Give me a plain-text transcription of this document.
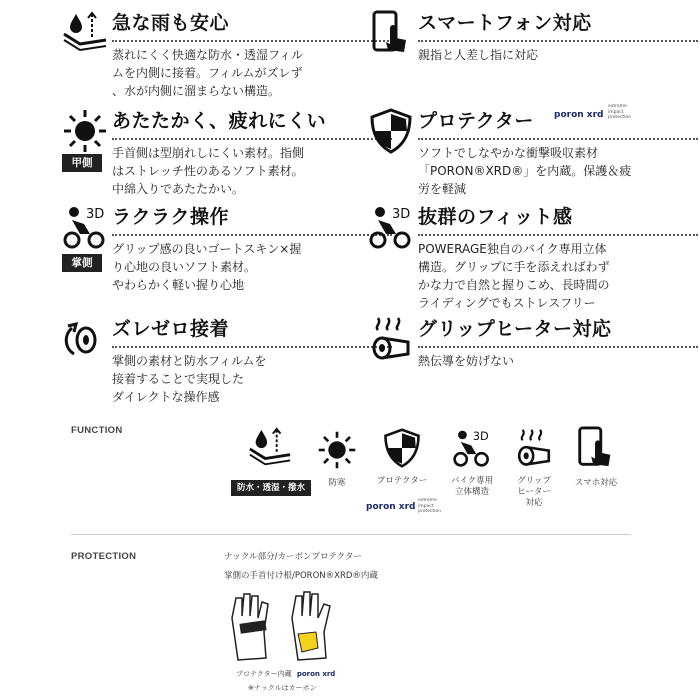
急な雨も安心
蒸れにくく快適な防水・透湿フィル
ムを内側に接着。フィルムがズレず
、水が内側に溜まらない構造。
スマートフォン対応
親指と人差し指に対応
甲側
あたたかく、疲れにくい
手首側は型崩れしにくい素材。指側
はストレッチ性のあるソフト素材。
中綿入りであたたかい。
プロテクター poron xrd
extreme
impact
protection
ソフトでしなやかな衝撃吸収素材
「PORON®XRD®」を内蔵。保護＆疲
労を軽減
3D
掌側
ラクラク操作
グリップ感の良いゴートスキン×握
り心地の良いソフト素材。
やわらかく軽い握り心地
3D 抜群のフィット感
POWERAGE独自のバイク専用立体
構造。グリップに手を添えればわず
かな力で自然と握りこめ、長時間の
ライディングでもストレスフリー
ズレゼロ接着
掌側の素材と防水フィルムを
接着することで実現した
ダイレクトな操作感
グリップヒーター対応
熱伝導を妨げない
FUNCTION
防水・透湿・撥水	防寒	プロテクター
poron xrd
extreme
impact
protection
3D
バイク専用
立体構造
グリップ
ヒーター
対応
スマホ対応
PROTECTION	ナックル部分/カーボンプロテクター
掌側の手首付け根/PORON®XRD®内蔵
プロテクター内蔵 poron xrd
※ナックルはカーボン
